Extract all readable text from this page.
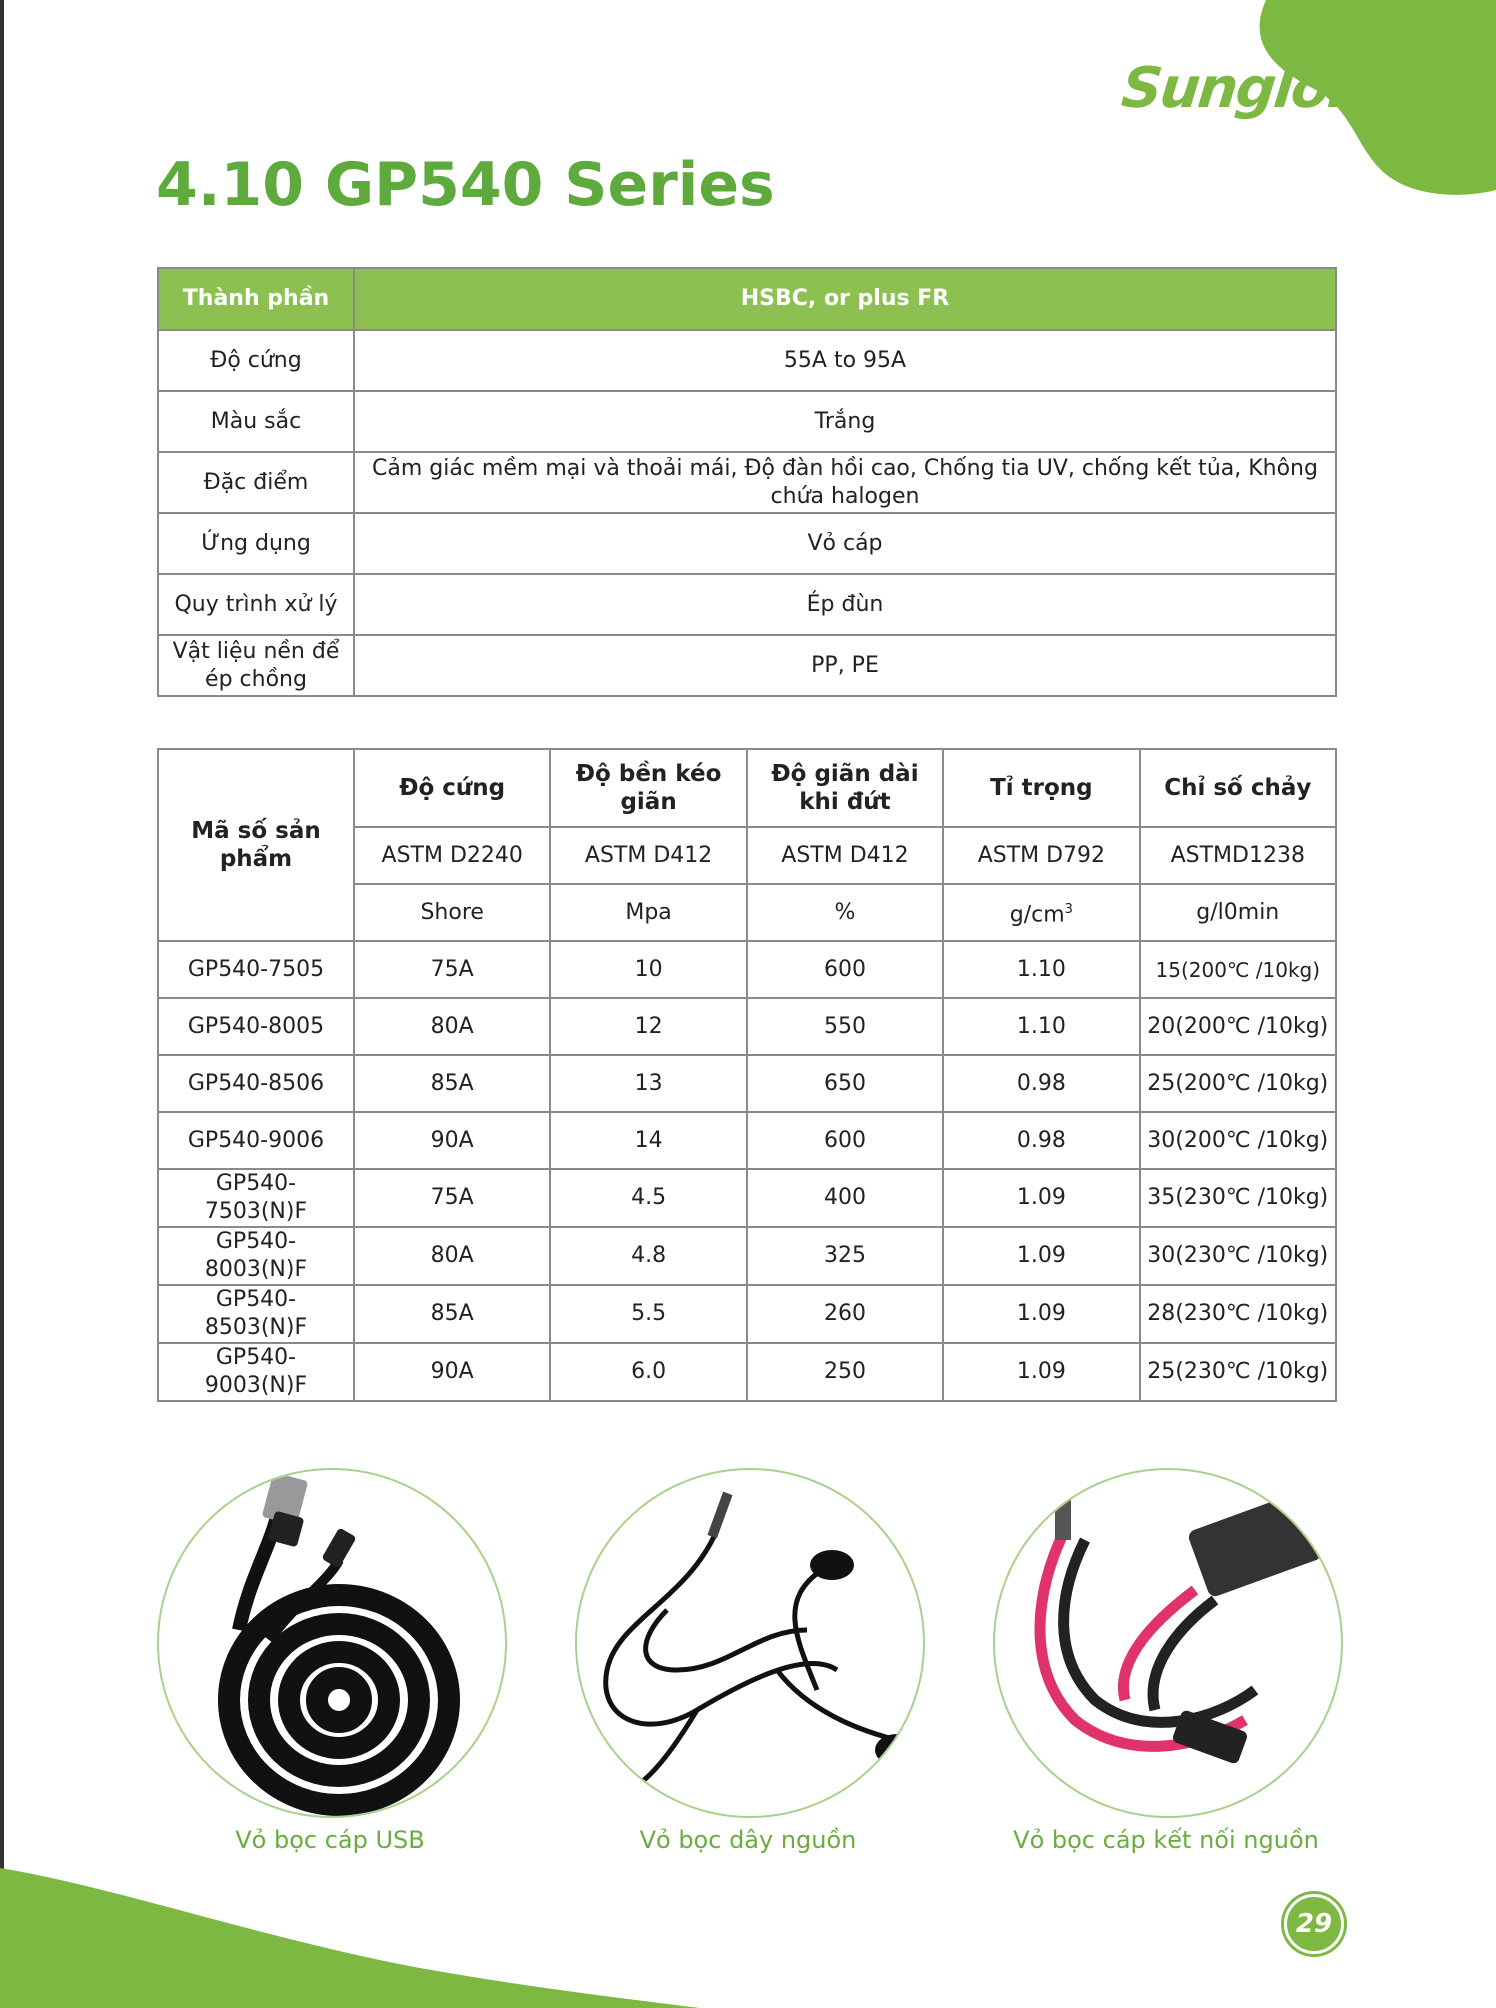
Sunglory
4.10 GP540 Series
Thành phần	HSBC, or plus FR
Độ cứng	55A to 95A
Màu sắc	Trắng
Đặc điểm	Cảm giác mềm mại và thoải mái, Độ đàn hồi cao, Chống tia UV, chống kết tủa, Không chứa halogen
Ứng dụng	Vỏ cáp
Quy trình xử lý	Ép đùn
Vật liệu nền để ép chồng	PP, PE
Mã số sản phẩm	Độ cứng	Độ bền kéo giãn	Độ giãn dài khi đứt	Tỉ trọng	Chỉ số chảy
	ASTM D2240	ASTM D412	ASTM D412	ASTM D792	ASTMD1238
	Shore	Mpa	%	$g/cm^3$	g/l0min
GP540-7505	75A	10	600	1.10	15(200℃ /10kg)
GP540-8005	80A	12	550	1.10	20(200℃ /10kg)
GP540-8506	85A	13	650	0.98	25(200℃ /10kg)
GP540-9006	90A	14	600	0.98	30(200℃ /10kg)
GP540-7503(N)F	75A	4.5	400	1.09	35(230℃ /10kg)
GP540-8003(N)F	80A	4.8	325	1.09	30(230℃ /10kg)
GP540-8503(N)F	85A	5.5	260	1.09	28(230℃ /10kg)
GP540-9003(N)F	90A	6.0	250	1.09	25(230℃ /10kg)
Vỏ bọc cáp USB	Vỏ bọc dây nguồn	Vỏ bọc cáp kết nối nguồn
29
